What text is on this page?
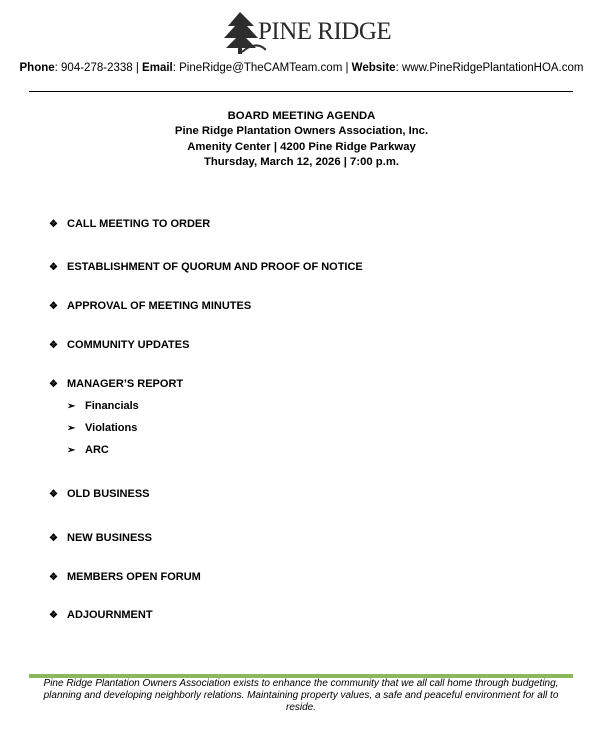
PINE RIDGE
Phone: 904-278-2338 | Email: PineRidge@TheCAMTeam.com | Website: www.PineRidgePlantationHOA.com
BOARD MEETING AGENDA
Pine Ridge Plantation Owners Association, Inc.
Amenity Center | 4200 Pine Ridge Parkway
Thursday, March 12, 2026 | 7:00 p.m.
❖ CALL MEETING TO ORDER
❖ ESTABLISHMENT OF QUORUM AND PROOF OF NOTICE
❖ APPROVAL OF MEETING MINUTES
❖ COMMUNITY UPDATES
❖ MANAGER’S REPORT
➢ Financials
➢ Violations
➢ ARC
❖ OLD BUSINESS
❖ NEW BUSINESS
❖ MEMBERS OPEN FORUM
❖ ADJOURNMENT
Pine Ridge Plantation Owners Association exists to enhance the community that we all call home through budgeting, planning and developing neighborly relations. Maintaining property values, a safe and peaceful environment for all to reside.
